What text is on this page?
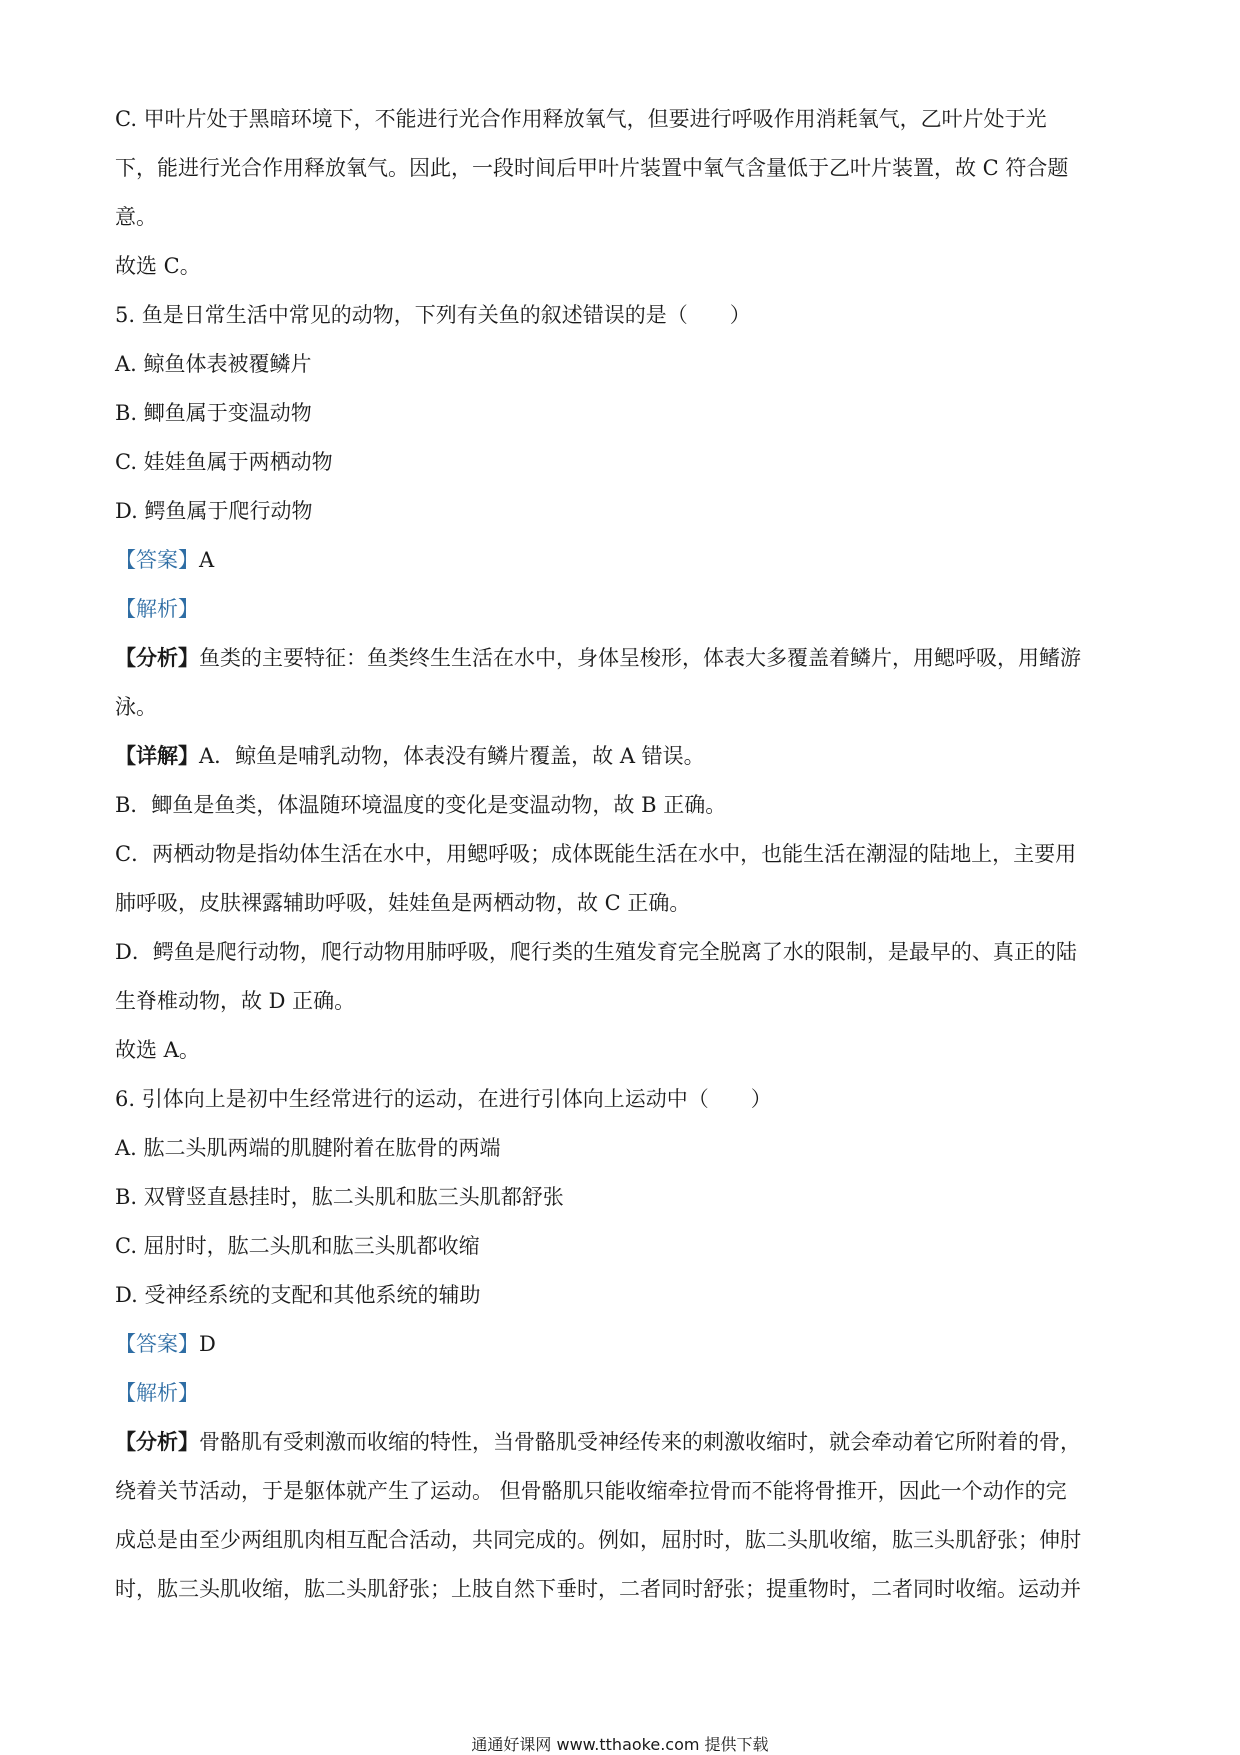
C. 甲叶片处于黑暗环境下，不能进行光合作用释放氧气，但要进行呼吸作用消耗氧气，乙叶片处于光
下，能进行光合作用释放氧气。因此，一段时间后甲叶片装置中氧气含量低于乙叶片装置，故 C 符合题
意。
故选 C。
5. 鱼是日常生活中常见的动物，下列有关鱼的叙述错误的是（　　）
A. 鲸鱼体表被覆鳞片
B. 鲫鱼属于变温动物
C. 娃娃鱼属于两栖动物
D. 鳄鱼属于爬行动物
【答案】A
【解析】
【分析】鱼类的主要特征：鱼类终生生活在水中，身体呈梭形，体表大多覆盖着鳞片，用鳃呼吸，用鳍游
泳。
【详解】A．鲸鱼是哺乳动物，体表没有鳞片覆盖，故 A 错误。
B．鲫鱼是鱼类，体温随环境温度的变化是变温动物，故 B 正确。
C．两栖动物是指幼体生活在水中，用鳃呼吸；成体既能生活在水中，也能生活在潮湿的陆地上，主要用
肺呼吸，皮肤裸露辅助呼吸，娃娃鱼是两栖动物，故 C 正确。
D．鳄鱼是爬行动物，爬行动物用肺呼吸，爬行类的生殖发育完全脱离了水的限制，是最早的、真正的陆
生脊椎动物，故 D 正确。
故选 A。
6. 引体向上是初中生经常进行的运动，在进行引体向上运动中（　　）
A. 肱二头肌两端的肌腱附着在肱骨的两端
B. 双臂竖直悬挂时，肱二头肌和肱三头肌都舒张
C. 屈肘时，肱二头肌和肱三头肌都收缩
D. 受神经系统的支配和其他系统的辅助
【答案】D
【解析】
【分析】骨骼肌有受刺激而收缩的特性，当骨骼肌受神经传来的刺激收缩时，就会牵动着它所附着的骨，
绕着关节活动，于是躯体就产生了运动。 但骨骼肌只能收缩牵拉骨而不能将骨推开，因此一个动作的完
成总是由至少两组肌肉相互配合活动，共同完成的。例如，屈肘时，肱二头肌收缩，肱三头肌舒张；伸肘
时，肱三头肌收缩，肱二头肌舒张；上肢自然下垂时，二者同时舒张；提重物时，二者同时收缩。运动并
通通好课网 www.tthaoke.com 提供下载
